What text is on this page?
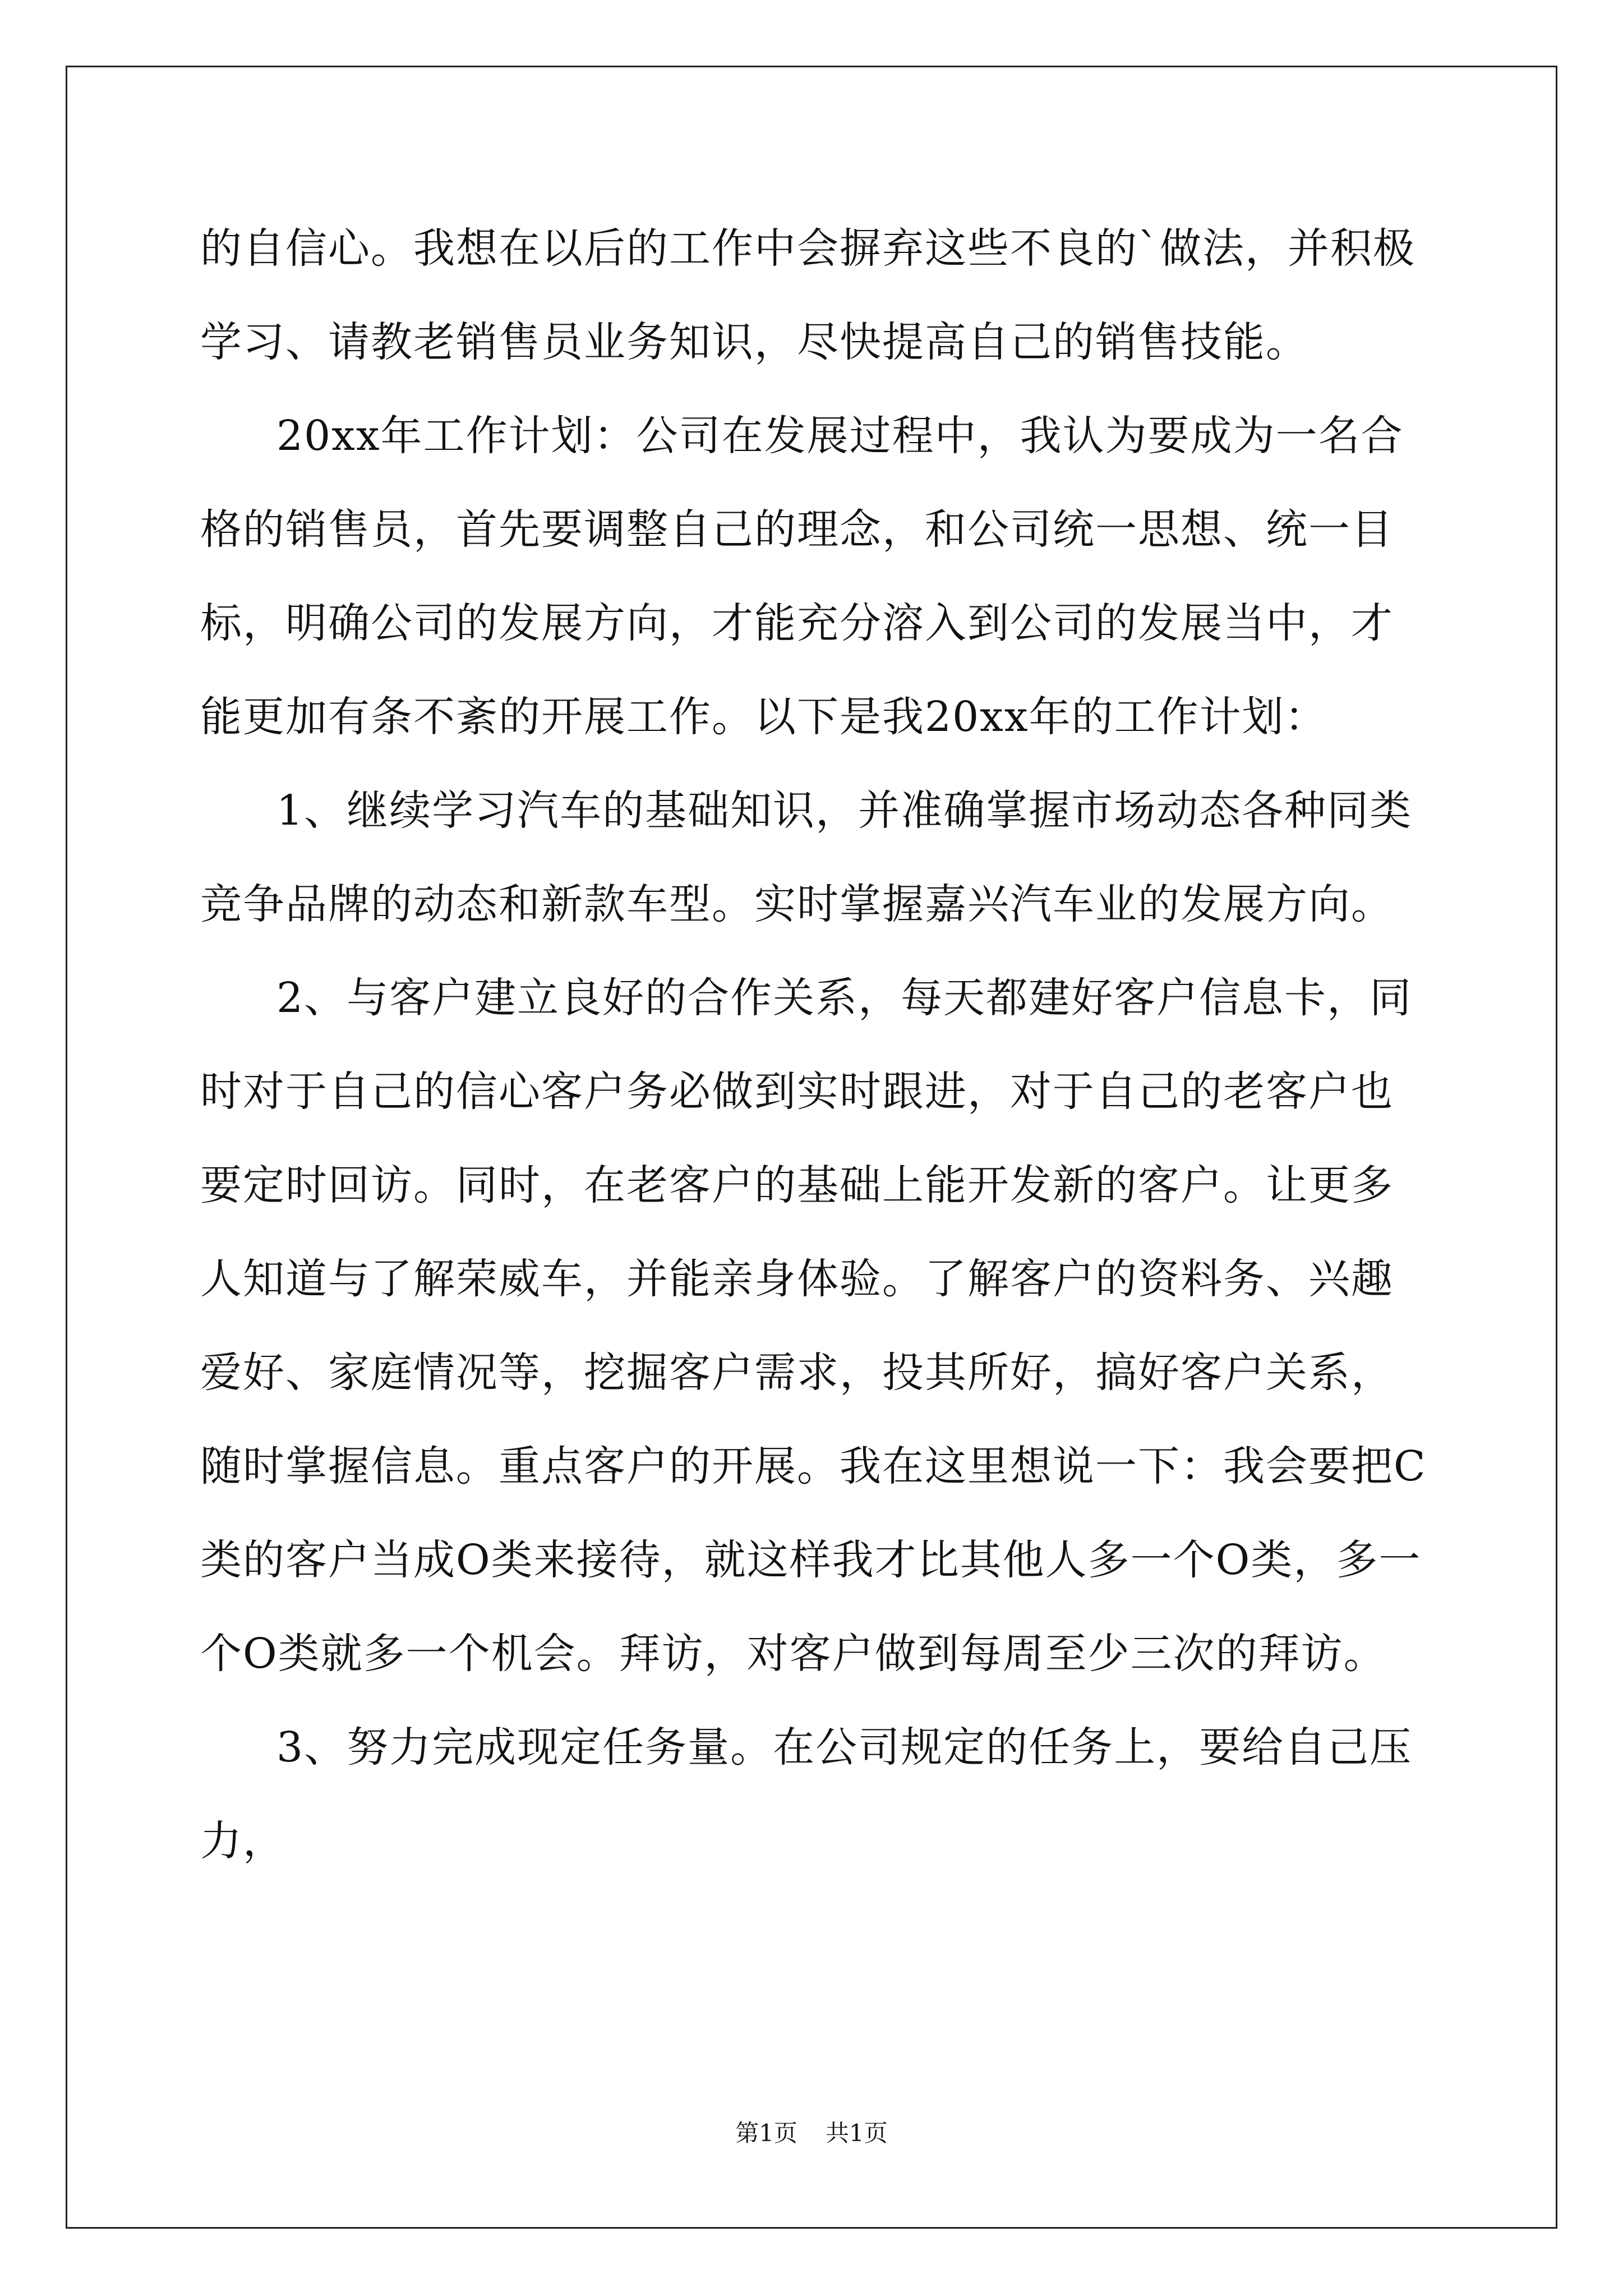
的自信心。我想在以后的工作中会摒弃这些不良的`做法，并积极学习、请教老销售员业务知识，尽快提高自己的销售技能。

20xx年工作计划：公司在发展过程中，我认为要成为一名合格的销售员，首先要调整自己的理念，和公司统一思想、统一目标，明确公司的发展方向，才能充分溶入到公司的发展当中，才能更加有条不紊的开展工作。以下是我20xx年的工作计划：

1、继续学习汽车的基础知识，并准确掌握市场动态各种同类竞争品牌的动态和新款车型。实时掌握嘉兴汽车业的发展方向。

2、与客户建立良好的合作关系，每天都建好客户信息卡，同时对于自己的信心客户务必做到实时跟进，对于自己的老客户也要定时回访。同时，在老客户的基础上能开发新的客户。让更多人知道与了解荣威车，并能亲身体验。了解客户的资料务、兴趣爱好、家庭情况等，挖掘客户需求，投其所好，搞好客户关系，随时掌握信息。重点客户的开展。我在这里想说一下：我会要把C类的客户当成O类来接待，就这样我才比其他人多一个O类，多一个O类就多一个机会。拜访，对客户做到每周至少三次的拜访。

3、努力完成现定任务量。在公司规定的任务上，要给自己压力，

第1页 共1页
